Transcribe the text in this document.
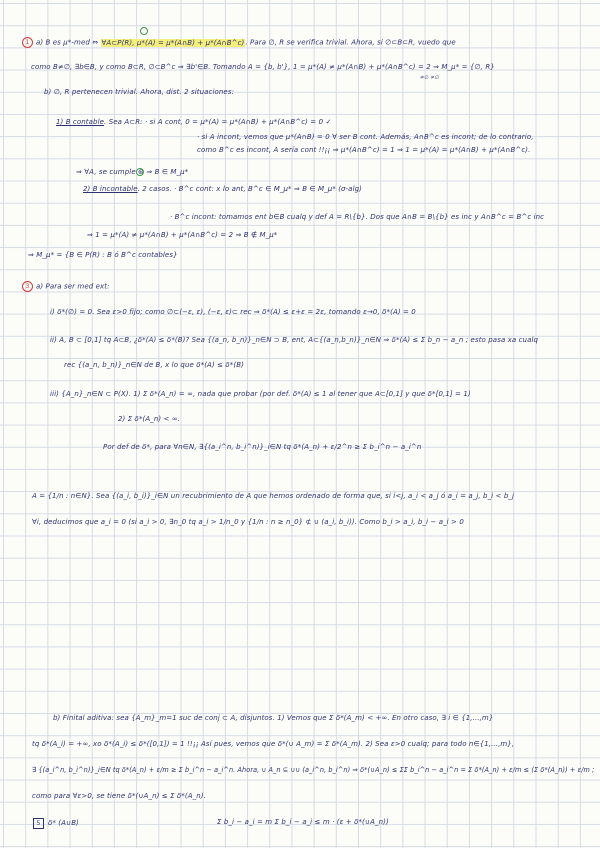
1 a) B es μ*-med ⇔ ∀A⊂P(R), μ*(A) = μ*(A∩B) + μ*(A∩B^c). Para ∅, R se verifica trivial. Ahora, si ∅⊂B⊂R, vuedo que
como B≠∅, ∃b∈B, y como B⊂R, ∅⊂B^c ⇒ ∃b'∈B. Tomando A = {b, b'}, 1 = μ*(A) ≠ μ*(A∩B) + μ*(A∩B^c) = 2 ⇒ M_μ* = {∅, R}
≠∅ ≠∅
b) ∅, R pertenecen trivial. Ahora, dist. 2 situaciones:
1) B contable. Sea A⊂R: · si A cont, 0 = μ*(A) = μ*(A∩B) + μ*(A∩B^c) = 0 ✓
· si A incont, vemos que μ*(A∩B) = 0 ∀ ser B cont. Además, A∩B^c es incont; de lo contrario,
como B^c es incont, A sería cont !!¡¡ ⇒ μ*(A∩B^c) = 1 ⇒ 1 = μ*(A) = μ*(A∩B) + μ*(A∩B^c).
⇒ ∀A, se cumple ⊛ ⇒ B ∈ M_μ*
2) B incontable. 2 casos. · B^c cont: x lo ant, B^c ∈ M_μ* ⇒ B ∈ M_μ* (σ-alg)
· B^c incont: tomamos ent b∈B cualq y def A = R\{b}. Dos que A∩B = B\{b} es inc y A∩B^c = B^c inc
⇒ 1 = μ*(A) ≠ μ*(A∩B) + μ*(A∩B^c) = 2 ⇒ B ∉ M_μ*
⇒ M_μ* = {B ∈ P(R) : B ó B^c contables}
3 a) Para ser med ext:
i) δ*(∅) = 0. Sea ε>0 fijo; como ∅⊂(−ε, ε), (−ε, ε)⊂ rec ⇒ δ*(A) ≤ ε+ε = 2ε, tomando ε→0, δ*(A) = 0
ii) A, B ⊂ [0,1] tq A⊂B, ¿δ*(A) ≤ δ*(B)? Sea {(a_n, b_n)}_n∈N ⊃ B, ent, A⊂{(a_n,b_n)}_n∈N ⇒ δ*(A) ≤ Σ b_n − a_n ; esto pasa xa cualq
rec {(a_n, b_n)}_n∈N de B, x lo que δ*(A) ≤ δ*(B)
iii) {A_n}_n∈N ⊂ P(X). 1) Σ δ*(A_n) = ∞, nada que probar (por def. δ*(A) ≤ 1 al tener que A⊂[0,1] y que δ*[0,1] = 1)
2) Σ δ*(A_n) < ∞.
Por def de δ*, para ∀n∈N, ∃{(a_i^n, b_i^n)}_i∈N tq δ*(A_n) + ε/2^n ≥ Σ b_i^n − a_i^n
A = {1/n : n∈N}. Sea {(a_i, b_i)}_i∈N un recubrimiento de A que hemos ordenado de forma que, si i<j, a_i < a_j ó a_i = a_j, b_i < b_j
∀i, deducimos que a_i = 0 (si a_i > 0, ∃n_0 tq a_i > 1/n_0 y {1/n : n ≥ n_0} ⊄ ∪ (a_i, b_i)). Como b_i > a_i, b_i − a_i > 0
b) Finital aditiva: sea {A_m}_m=1 suc de conj ⊂ A, disjuntos. 1) Vemos que Σ δ*(A_m) < +∞. En otro caso, ∃ i ∈ {1,...,m}
tq δ*(A_i) = +∞, xo δ*(A_i) ≤ δ*([0,1]) = 1 !!¡¡ Así pues, vemos que δ*(∪ A_m) = Σ δ*(A_m). 2) Sea ε>0 cualq; para todo n∈{1,...,m},
∃ {(a_i^n, b_i^n)}_i∈N tq δ*(A_n) + ε/m ≥ Σ b_i^n − a_i^n. Ahora, ∪ A_n ⊆ ∪∪ (a_i^n, b_i^n) ⇒ δ*(∪A_n) ≤ ΣΣ b_i^n − a_i^n = Σ δ*(A_n) + ε/m ≤ (Σ δ*(A_n)) + ε/m ;
como para ∀ε>0, se tiene δ*(∪A_n) ≤ Σ δ*(A_n).
5 δ* (A∪B)	Σ b_i − a_i = m Σ b_i − a_i ≤ m · (ε + δ*(∪A_n))
